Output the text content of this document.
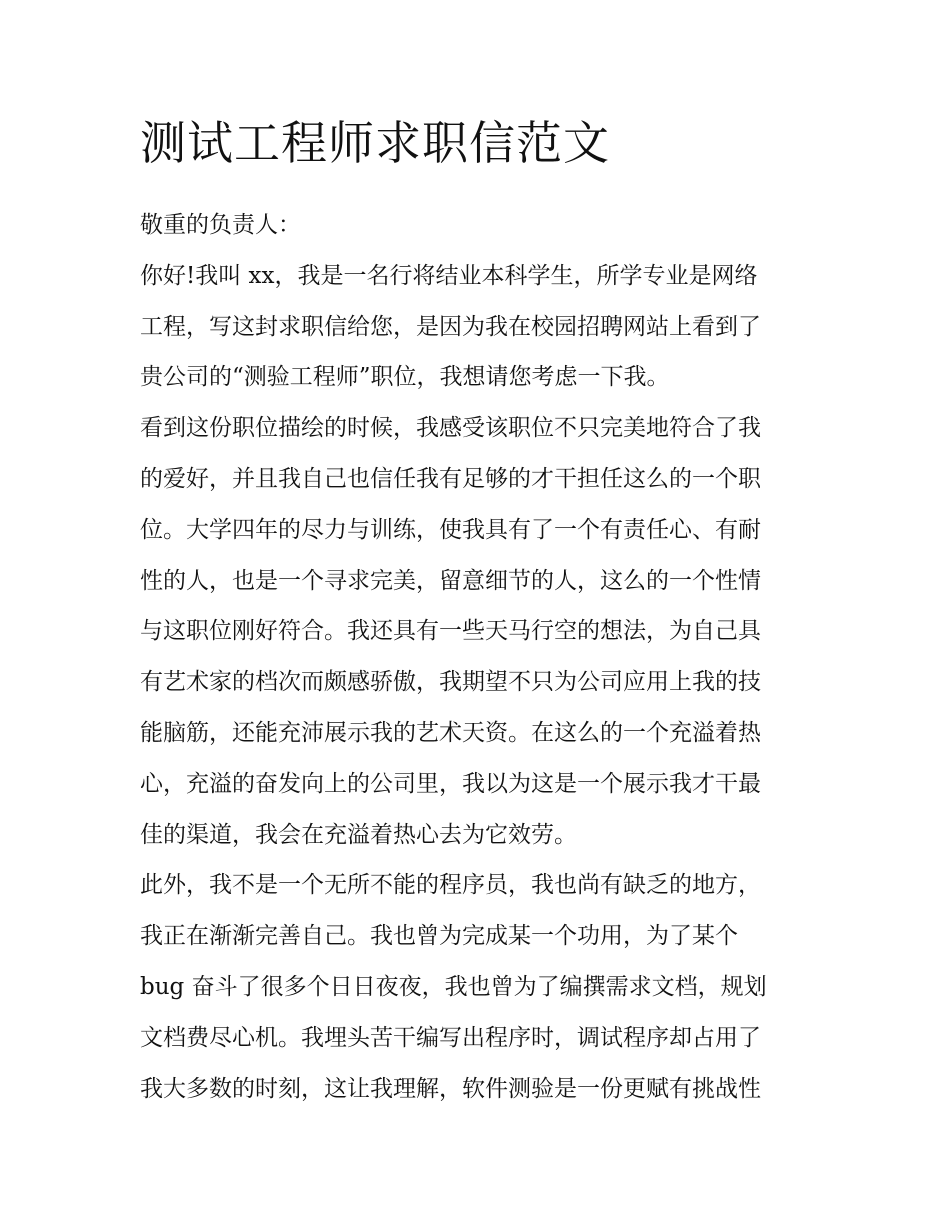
测试工程师求职信范文

敬重的负责人：

你好!我叫 xx，我是一名行将结业本科学生，所学专业是网络

工程，写这封求职信给您，是因为我在校园招聘网站上看到了

贵公司的“测验工程师”职位，我想请您考虑一下我。

看到这份职位描绘的时候，我感受该职位不只完美地符合了我

的爱好，并且我自己也信任我有足够的才干担任这么的一个职

位。大学四年的尽力与训练，使我具有了一个有责任心、有耐

性的人，也是一个寻求完美，留意细节的人，这么的一个性情

与这职位刚好符合。我还具有一些天马行空的想法，为自己具

有艺术家的档次而颇感骄傲，我期望不只为公司应用上我的技

能脑筋，还能充沛展示我的艺术天资。在这么的一个充溢着热

心，充溢的奋发向上的公司里，我以为这是一个展示我才干最

佳的渠道，我会在充溢着热心去为它效劳。

此外，我不是一个无所不能的程序员，我也尚有缺乏的地方，

我正在渐渐完善自己。我也曾为完成某一个功用，为了某个

bug 奋斗了很多个日日夜夜，我也曾为了编撰需求文档，规划

文档费尽心机。我埋头苦干编写出程序时，调试程序却占用了

我大多数的时刻，这让我理解，软件测验是一份更赋有挑战性
